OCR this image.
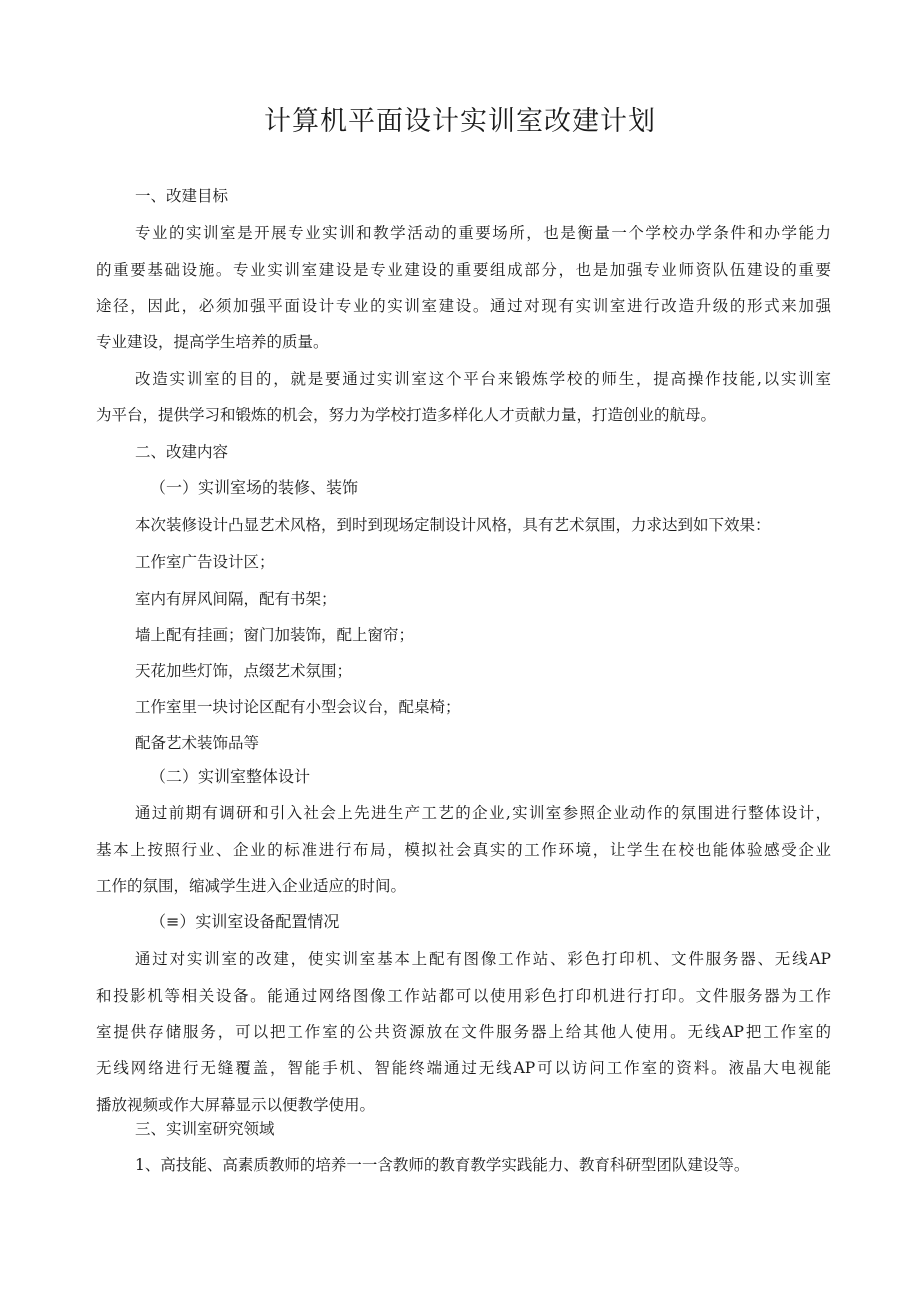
计算机平面设计实训室改建计划
一、改建目标
专业的实训室是开展专业实训和教学活动的重要场所，也是衡量一个学校办学条件和办学能力
的重要基础设施。专业实训室建设是专业建设的重要组成部分，也是加强专业师资队伍建设的重要
途径，因此，必须加强平面设计专业的实训室建设。通过对现有实训室进行改造升级的形式来加强
专业建设，提高学生培养的质量。
改造实训室的目的，就是要通过实训室这个平台来锻炼学校的师生，提高操作技能,以实训室
为平台，提供学习和锻炼的机会，努力为学校打造多样化人才贡献力量，打造创业的航母。
二、改建内容
（一）实训室场的装修、装饰
本次装修设计凸显艺术风格，到时到现场定制设计风格，具有艺术氛围，力求达到如下效果：
工作室广告设计区；
室内有屏风间隔，配有书架；
墙上配有挂画；窗门加装饰，配上窗帘；
天花加些灯饰，点缀艺术氛围；
工作室里一块讨论区配有小型会议台，配桌椅；
配备艺术装饰品等
（二）实训室整体设计
通过前期有调研和引入社会上先进生产工艺的企业,实训室参照企业动作的氛围进行整体设计，
基本上按照行业、企业的标准进行布局，模拟社会真实的工作环境，让学生在校也能体验感受企业
工作的氛围，缩减学生进入企业适应的时间。
（≡）实训室设备配置情况
通过对实训室的改建，使实训室基本上配有图像工作站、彩色打印机、文件服务器、无线AP
和投影机等相关设备。能通过网络图像工作站都可以使用彩色打印机进行打印。文件服务器为工作
室提供存储服务，可以把工作室的公共资源放在文件服务器上给其他人使用。无线AP把工作室的
无线网络进行无缝覆盖，智能手机、智能终端通过无线AP可以访问工作室的资料。液晶大电视能
播放视频或作大屏幕显示以便教学使用。
三、实训室研究领域
1、高技能、高素质教师的培养一一含教师的教育教学实践能力、教育科研型团队建设等。
